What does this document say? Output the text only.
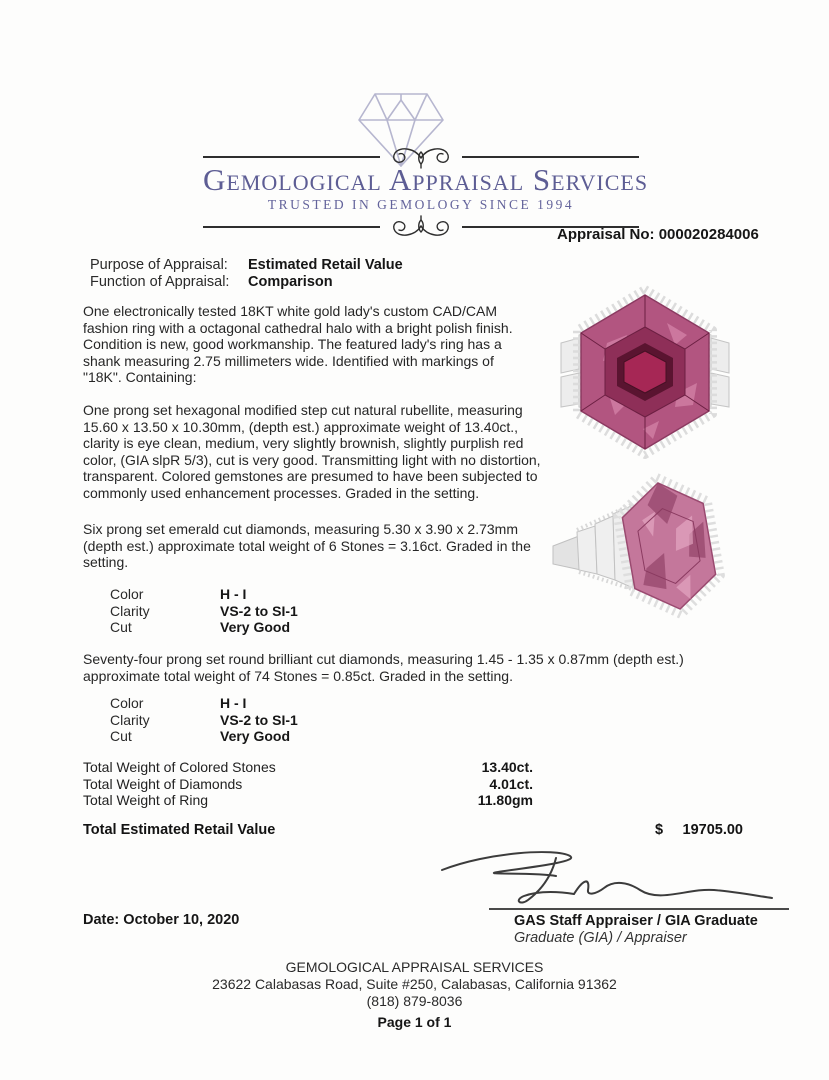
Gemological Appraisal Services
TRUSTED IN GEMOLOGY SINCE 1994
Appraisal No: 000020284006
Purpose of Appraisal: Estimated Retail Value
Function of Appraisal: Comparison

One electronically tested 18KT white gold lady's custom CAD/CAM fashion ring with a octagonal cathedral halo with a bright polish finish. Condition is new, good workmanship. The featured lady's ring has a shank measuring 2.75 millimeters wide. Identified with markings of "18K". Containing:

One prong set hexagonal modified step cut natural rubellite, measuring 15.60 x 13.50 x 10.30mm, (depth est.) approximate weight of 13.40ct., clarity is eye clean, medium, very slightly brownish, slightly purplish red color, (GIA slpR 5/3), cut is very good. Transmitting light with no distortion, transparent. Colored gemstones are presumed to have been subjected to commonly used enhancement processes. Graded in the setting.

Six prong set emerald cut diamonds, measuring 5.30 x 3.90 x 2.73mm (depth est.) approximate total weight of 6 Stones = 3.16ct. Graded in the setting.

Color	H - I
Clarity	VS-2 to SI-1
Cut	Very Good

Seventy-four prong set round brilliant cut diamonds, measuring 1.45 - 1.35 x 0.87mm (depth est.) approximate total weight of 74 Stones = 0.85ct. Graded in the setting.

Color	H - I
Clarity	VS-2 to SI-1
Cut	Very Good
Total Weight of Colored Stones	13.40ct.
Total Weight of Diamonds	4.01ct.
Total Weight of Ring	11.80gm
Total Estimated Retail Value	$ 19705.00
GAS Staff Appraiser / GIA Graduate
Graduate (GIA) / Appraiser
Date: October 10, 2020
GEMOLOGICAL APPRAISAL SERVICES
23622 Calabasas Road, Suite #250, Calabasas, California 91362
(818) 879-8036
Page 1 of 1
